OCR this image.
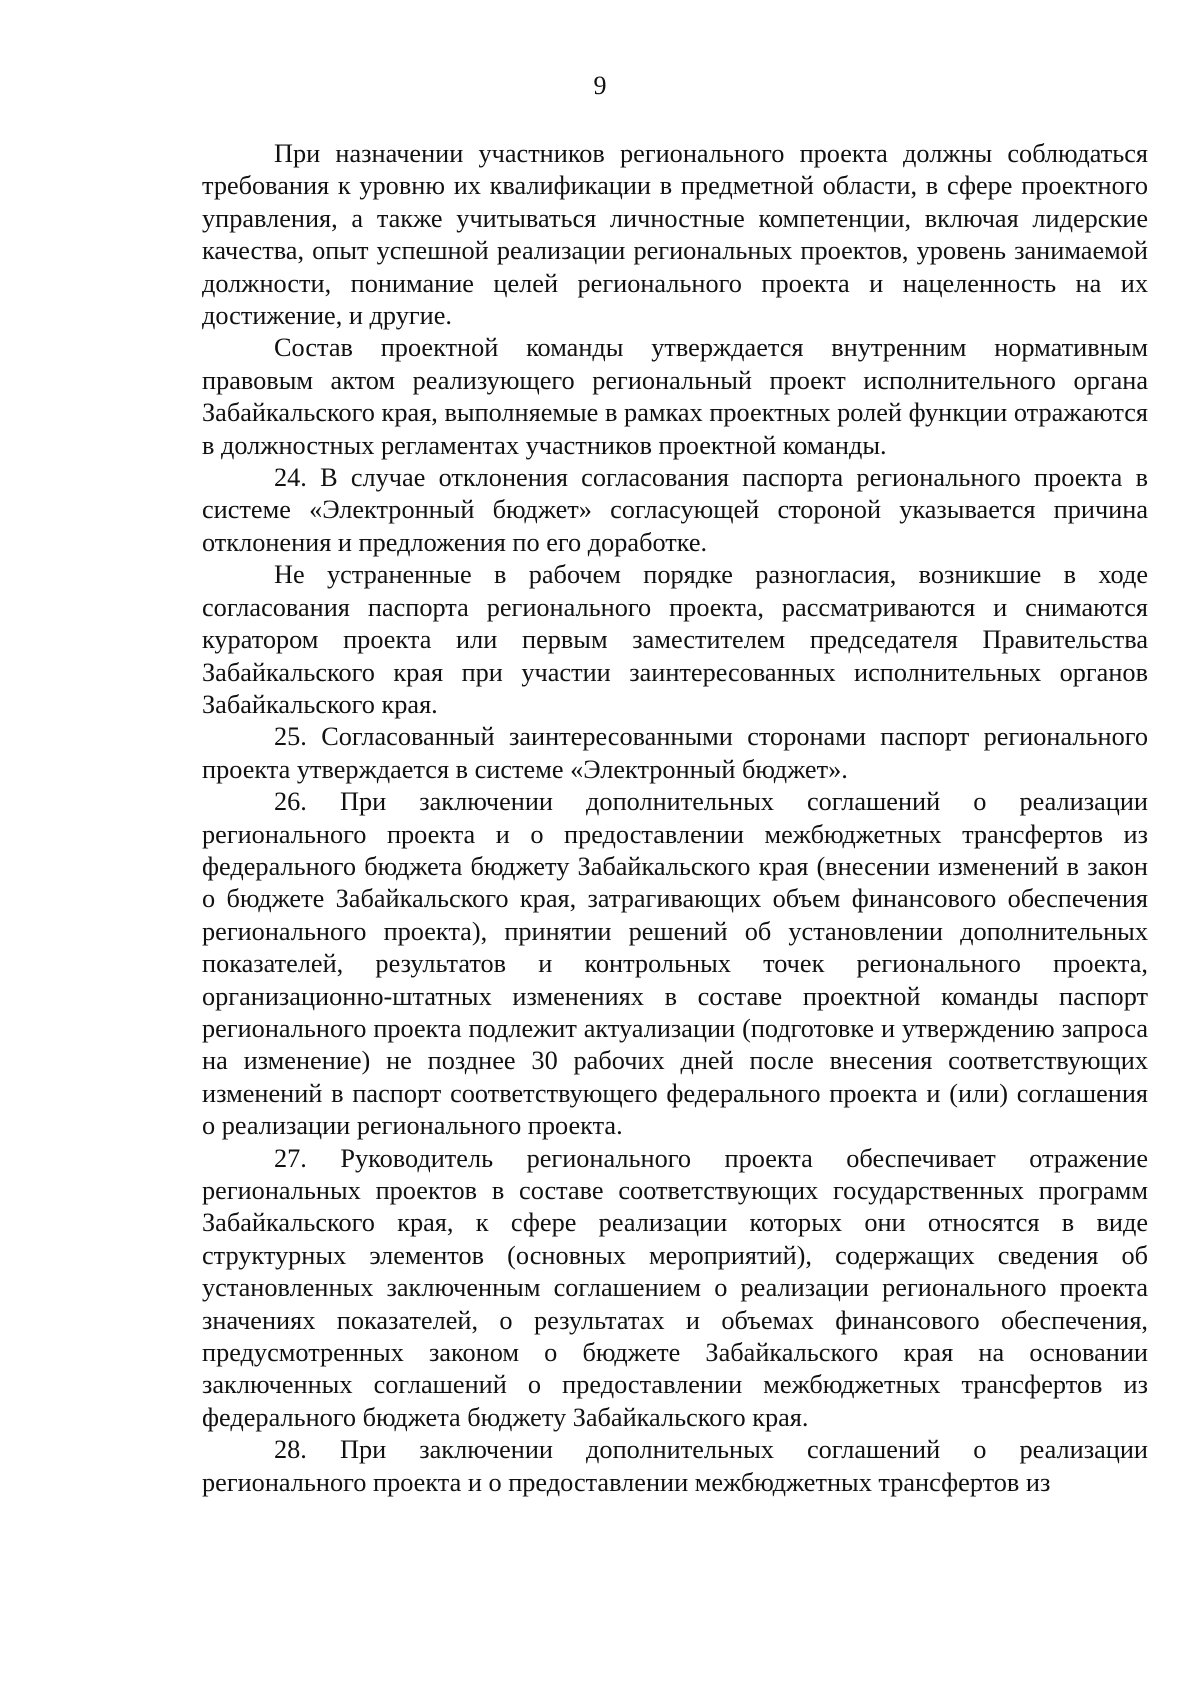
9

При назначении участников регионального проекта должны соблюдаться требования к уровню их квалификации в предметной области, в сфере проектного управления, а также учитываться личностные компетенции, включая лидерские качества, опыт успешной реализации региональных проектов, уровень занимаемой должности, понимание целей регионального проекта и нацеленность на их достижение, и другие.

Состав проектной команды утверждается внутренним нормативным правовым актом реализующего региональный проект исполнительного органа Забайкальского края, выполняемые в рамках проектных ролей функции отражаются в должностных регламентах участников проектной команды.

24. В случае отклонения согласования паспорта регионального проекта в системе «Электронный бюджет» согласующей стороной указывается причина отклонения и предложения по его доработке.

Не устраненные в рабочем порядке разногласия, возникшие в ходе согласования паспорта регионального проекта, рассматриваются и снимаются куратором проекта или первым заместителем председателя Правительства Забайкальского края при участии заинтересованных исполнительных органов Забайкальского края.

25. Согласованный заинтересованными сторонами паспорт регионального проекта утверждается в системе «Электронный бюджет».

26. При заключении дополнительных соглашений о реализации регионального проекта и о предоставлении межбюджетных трансфертов из федерального бюджета бюджету Забайкальского края (внесении изменений в закон о бюджете Забайкальского края, затрагивающих объем финансового обеспечения регионального проекта), принятии решений об установлении дополнительных показателей, результатов и контрольных точек регионального проекта, организационно-штатных изменениях в составе проектной команды паспорт регионального проекта подлежит актуализации (подготовке и утверждению запроса на изменение) не позднее 30 рабочих дней после внесения соответствующих изменений в паспорт соответствующего федерального проекта и (или) соглашения о реализации регионального проекта.

27. Руководитель регионального проекта обеспечивает отражение региональных проектов в составе соответствующих государственных программ Забайкальского края, к сфере реализации которых они относятся в виде структурных элементов (основных мероприятий), содержащих сведения об установленных заключенным соглашением о реализации регионального проекта значениях показателей, о результатах и объемах финансового обеспечения, предусмотренных законом о бюджете Забайкальского края на основании заключенных соглашений о предоставлении межбюджетных трансфертов из федерального бюджета бюджету Забайкальского края.

28. При заключении дополнительных соглашений о реализации регионального проекта и о предоставлении межбюджетных трансфертов из
